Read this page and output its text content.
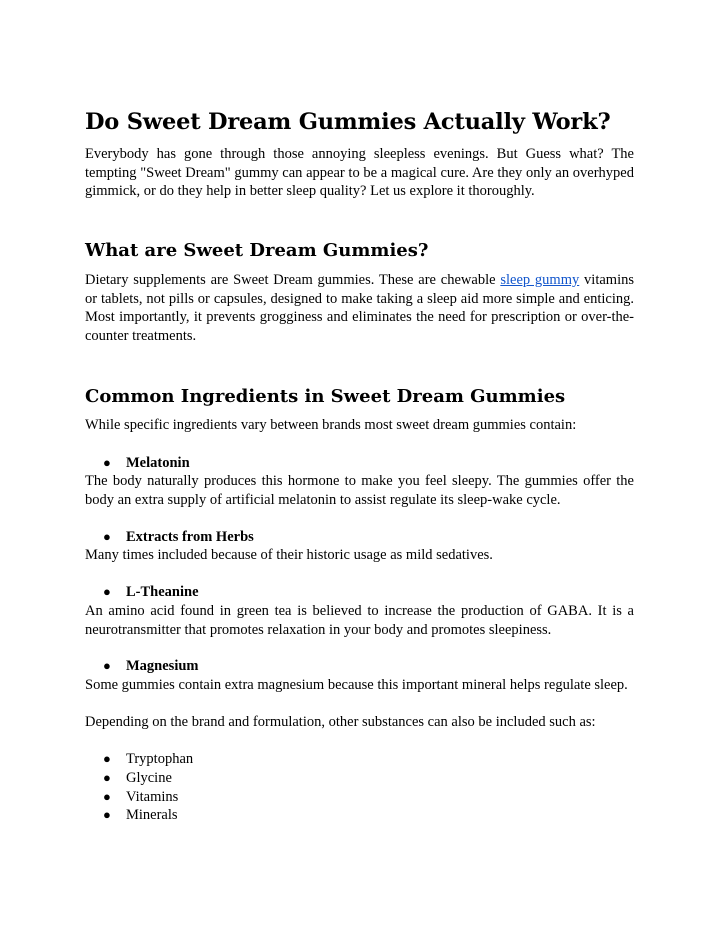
Do Sweet Dream Gummies Actually Work?

Everybody has gone through those annoying sleepless evenings. But Guess what? The tempting "Sweet Dream" gummy can appear to be a magical cure. Are they only an overhyped gimmick, or do they help in better sleep quality? Let us explore it thoroughly.

What are Sweet Dream Gummies?

Dietary supplements are Sweet Dream gummies. These are chewable sleep gummy vitamins or tablets, not pills or capsules, designed to make taking a sleep aid more simple and enticing. Most importantly, it prevents grogginess and eliminates the need for prescription or over-the-counter treatments.

Common Ingredients in Sweet Dream Gummies

While specific ingredients vary between brands most sweet dream gummies contain:

● Melatonin

The body naturally produces this hormone to make you feel sleepy. The gummies offer the body an extra supply of artificial melatonin to assist regulate its sleep-wake cycle.

● Extracts from Herbs

Many times included because of their historic usage as mild sedatives.

● L-Theanine

An amino acid found in green tea is believed to increase the production of GABA. It is a neurotransmitter that promotes relaxation in your body and promotes sleepiness.

● Magnesium

Some gummies contain extra magnesium because this important mineral helps regulate sleep.

Depending on the brand and formulation, other substances can also be included such as:

● Tryptophan
● Glycine
● Vitamins
● Minerals
